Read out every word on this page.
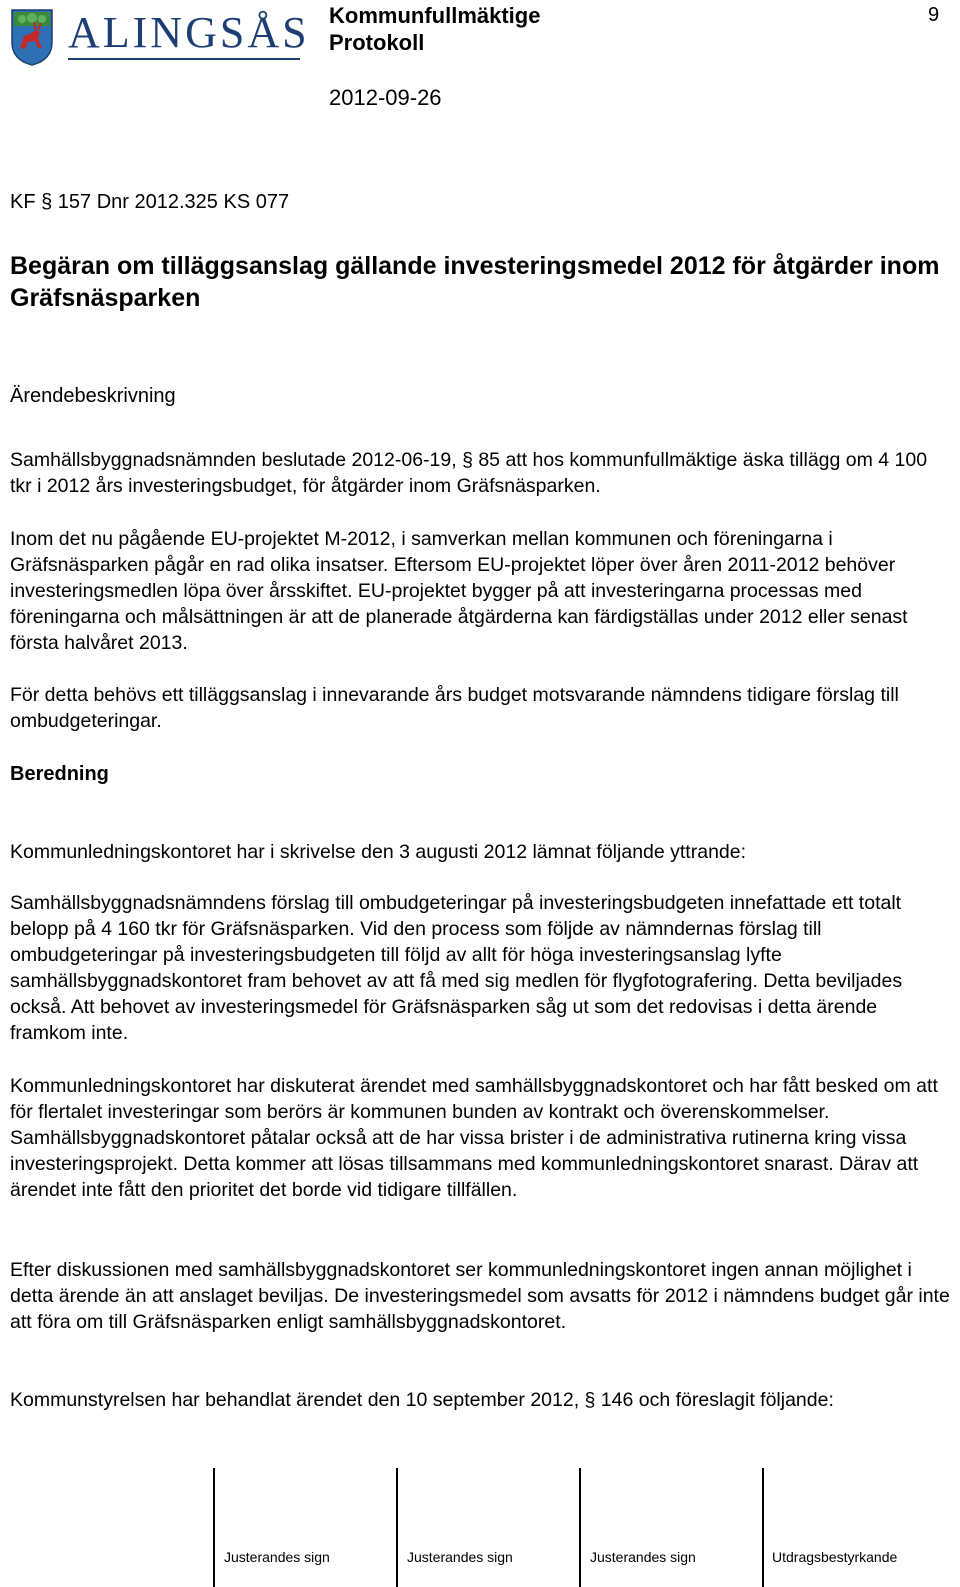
ALINGSÅS Kommunfullmäktige
Protokoll
2012-09-26
9
KF § 157 Dnr 2012.325 KS 077
Begäran om tilläggsanslag gällande investeringsmedel 2012 för åtgärder inom Gräfsnäsparken
Ärendebeskrivning

Samhällsbyggnadsnämnden beslutade 2012-06-19, § 85 att hos kommunfullmäktige äska tillägg om 4 100 tkr i 2012 års investeringsbudget, för åtgärder inom Gräfsnäsparken.

Inom det nu pågående EU-projektet M-2012, i samverkan mellan kommunen och föreningarna i Gräfsnäsparken pågår en rad olika insatser. Eftersom EU-projektet löper över åren 2011-2012 behöver investeringsmedlen löpa över årsskiftet. EU-projektet bygger på att investeringarna processas med föreningarna och målsättningen är att de planerade åtgärderna kan färdigställas under 2012 eller senast första halvåret 2013.

För detta behövs ett tilläggsanslag i innevarande års budget motsvarande nämndens tidigare förslag till ombudgeteringar.

Beredning

Kommunledningskontoret har i skrivelse den 3 augusti 2012 lämnat följande yttrande:

Samhällsbyggnadsnämndens förslag till ombudgeteringar på investeringsbudgeten innefattade ett totalt belopp på 4 160 tkr för Gräfsnäsparken. Vid den process som följde av nämndernas förslag till ombudgeteringar på investeringsbudgeten till följd av allt för höga investeringsanslag lyfte samhällsbyggnadskontoret fram behovet av att få med sig medlen för flygfotografering. Detta beviljades också. Att behovet av investeringsmedel för Gräfsnäsparken såg ut som det redovisas i detta ärende framkom inte.

Kommunledningskontoret har diskuterat ärendet med samhällsbyggnadskontoret och har fått besked om att för flertalet investeringar som berörs är kommunen bunden av kontrakt och överenskommelser. Samhällsbyggnadskontoret påtalar också att de har vissa brister i de administrativa rutinerna kring vissa investeringsprojekt. Detta kommer att lösas tillsammans med kommunledningskontoret snarast. Därav att ärendet inte fått den prioritet det borde vid tidigare tillfällen.

Efter diskussionen med samhällsbyggnadskontoret ser kommunledningskontoret ingen annan möjlighet i detta ärende än att anslaget beviljas. De investeringsmedel som avsatts för 2012 i nämndens budget går inte att föra om till Gräfsnäsparken enligt samhällsbyggnadskontoret.

Kommunstyrelsen har behandlat ärendet den 10 september 2012, § 146 och föreslagit följande:

Justerandes sign	Justerandes sign	Justerandes sign	Utdragsbestyrkande
